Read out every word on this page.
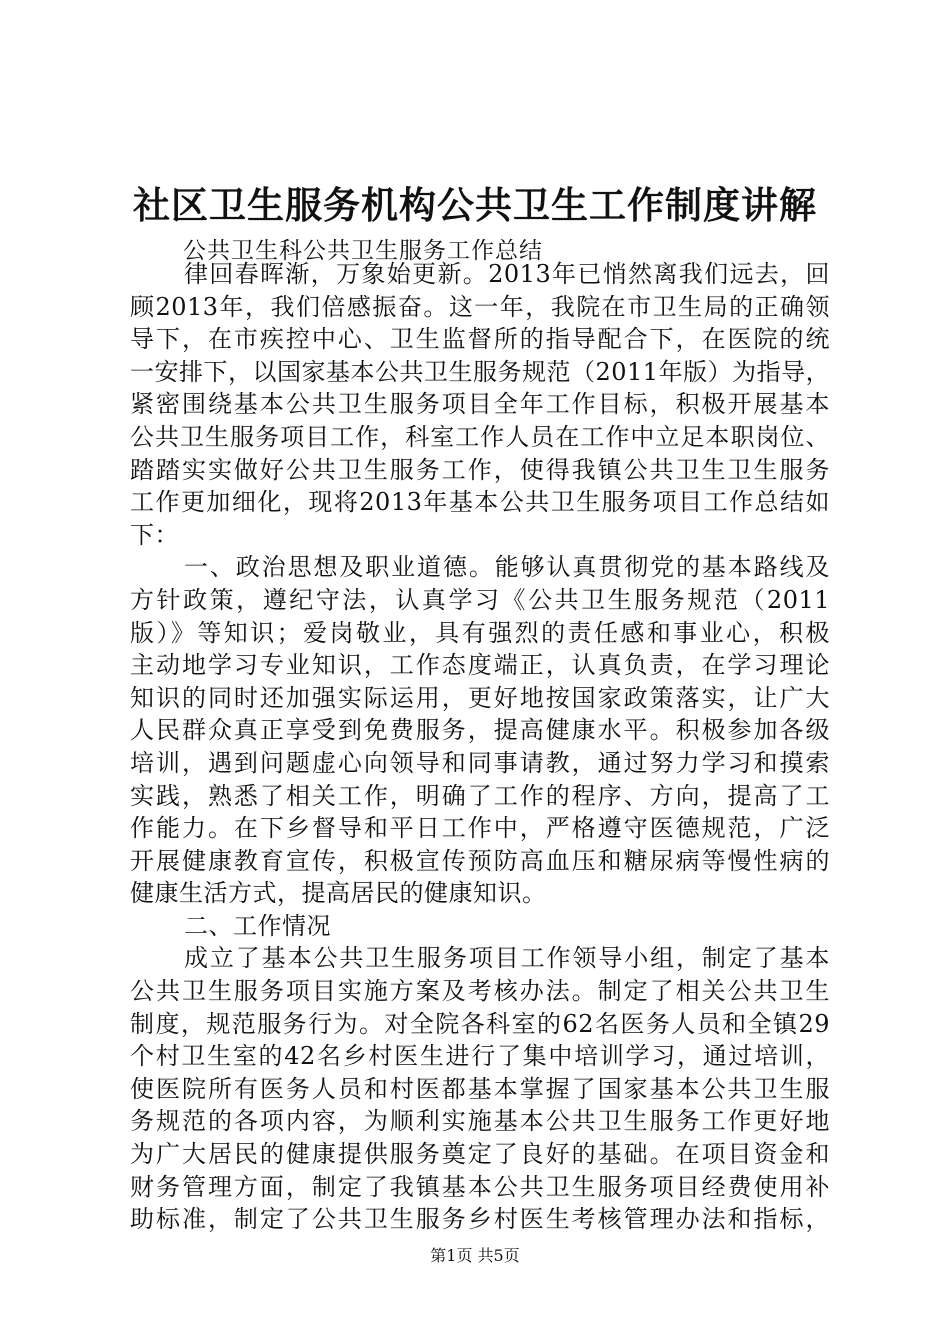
社区卫生服务机构公共卫生工作制度讲解
公共卫生科公共卫生服务工作总结
律回春晖渐，万象始更新。2013年已悄然离我们远去，回
顾2013年，我们倍感振奋。这一年，我院在市卫生局的正确领
导下，在市疾控中心、卫生监督所的指导配合下，在医院的统
一安排下，以国家基本公共卫生服务规范（2011年版）为指导，
紧密围绕基本公共卫生服务项目全年工作目标，积极开展基本
公共卫生服务项目工作，科室工作人员在工作中立足本职岗位、
踏踏实实做好公共卫生服务工作，使得我镇公共卫生卫生服务
工作更加细化，现将2013年基本公共卫生服务项目工作总结如
下：
一、政治思想及职业道德。能够认真贯彻党的基本路线及
方针政策，遵纪守法，认真学习《公共卫生服务规范（2011
版）》等知识；爱岗敬业，具有强烈的责任感和事业心，积极
主动地学习专业知识，工作态度端正，认真负责，在学习理论
知识的同时还加强实际运用，更好地按国家政策落实，让广大
人民群众真正享受到免费服务，提高健康水平。积极参加各级
培训，遇到问题虚心向领导和同事请教，通过努力学习和摸索
实践，熟悉了相关工作，明确了工作的程序、方向，提高了工
作能力。在下乡督导和平日工作中，严格遵守医德规范，广泛
开展健康教育宣传，积极宣传预防高血压和糖尿病等慢性病的
健康生活方式，提高居民的健康知识。
二、工作情况
成立了基本公共卫生服务项目工作领导小组，制定了基本
公共卫生服务项目实施方案及考核办法。制定了相关公共卫生
制度，规范服务行为。对全院各科室的62名医务人员和全镇29
个村卫生室的42名乡村医生进行了集中培训学习，通过培训，
使医院所有医务人员和村医都基本掌握了国家基本公共卫生服
务规范的各项内容，为顺利实施基本公共卫生服务工作更好地
为广大居民的健康提供服务奠定了良好的基础。在项目资金和
财务管理方面，制定了我镇基本公共卫生服务项目经费使用补
助标准，制定了公共卫生服务乡村医生考核管理办法和指标，
第1页 共5页
